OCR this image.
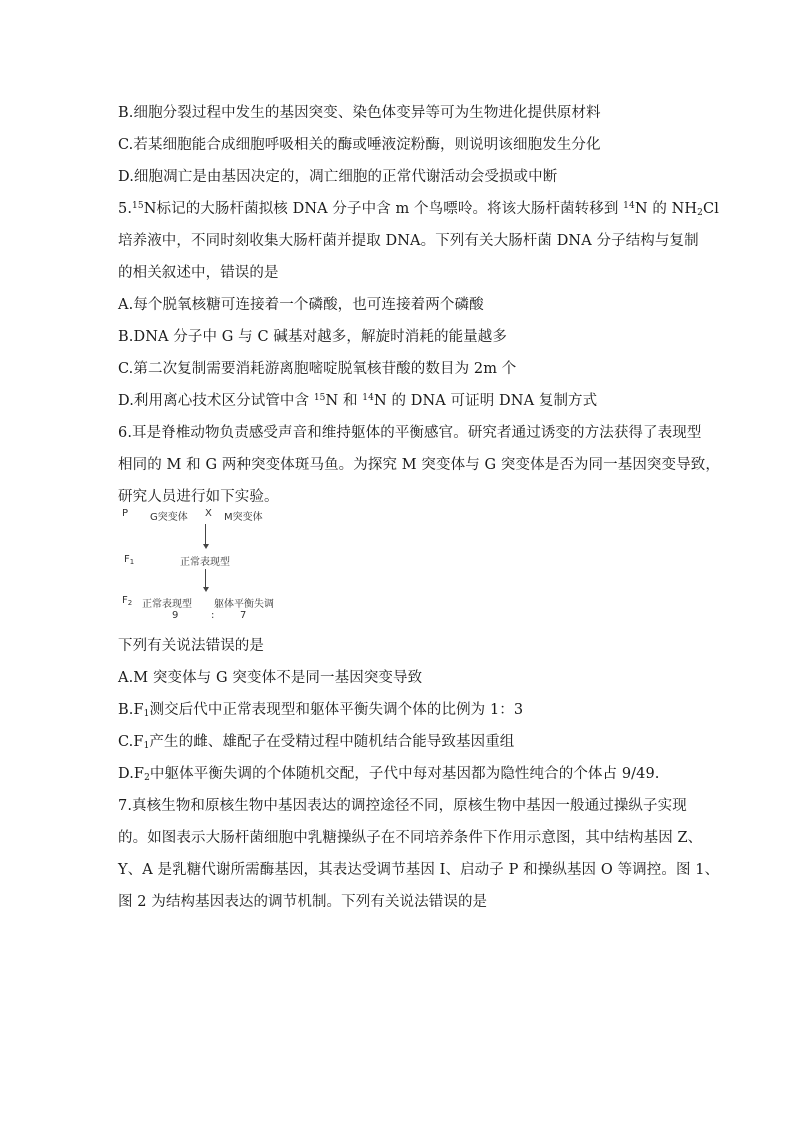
B.细胞分裂过程中发生的基因突变、染色体变异等可为生物进化提供原材料
C.若某细胞能合成细胞呼吸相关的酶或唾液淀粉酶，则说明该细胞发生分化
D.细胞凋亡是由基因决定的，凋亡细胞的正常代谢活动会受损或中断
5.15N标记的大肠杆菌拟核 DNA 分子中含 m 个鸟嘌呤。将该大肠杆菌转移到 $^{14}$N 的 $NH_2Cl$
培养液中，不同时刻收集大肠杆菌并提取 DNA。下列有关大肠杆菌 DNA 分子结构与复制
的相关叙述中，错误的是
A.每个脱氧核糖可连接着一个磷酸，也可连接着两个磷酸
B.DNA 分子中 G 与 C 碱基对越多，解旋时消耗的能量越多
C.第二次复制需要消耗游离胞嘧啶脱氧核苷酸的数目为 2m 个
D.利用离心技术区分试管中含 $^{15}$N 和 $^{14}$N 的 DNA 可证明 DNA 复制方式
6.耳是脊椎动物负责感受声音和维持躯体的平衡感官。研究者通过诱变的方法获得了表现型
相同的 M 和 G 两种突变体斑马鱼。为探究 M 突变体与 G 突变体是否为同一基因突变导致，
研究人员进行如下实验。
P G突变体 X M突变体
$F_1$	正常表现型
$F_2$ 正常表现型 躯体平衡失调
9	:	7
下列有关说法错误的是
A.M 突变体与 G 突变体不是同一基因突变导致
$B.F_1$测交后代中正常表现型和躯体平衡失调个体的比例为 1：3
$C.F_1$产生的雌、雄配子在受精过程中随机结合能导致基因重组
$D.F_2$中躯体平衡失调的个体随机交配，子代中每对基因都为隐性纯合的个体占 9/49.
7.真核生物和原核生物中基因表达的调控途径不同，原核生物中基因一般通过操纵子实现
的。如图表示大肠杆菌细胞中乳糖操纵子在不同培养条件下作用示意图，其中结构基因 Z、
Y、A 是乳糖代谢所需酶基因，其表达受调节基因 I、启动子 P 和操纵基因 O 等调控。图 1、
图 2 为结构基因表达的调节机制。下列有关说法错误的是
